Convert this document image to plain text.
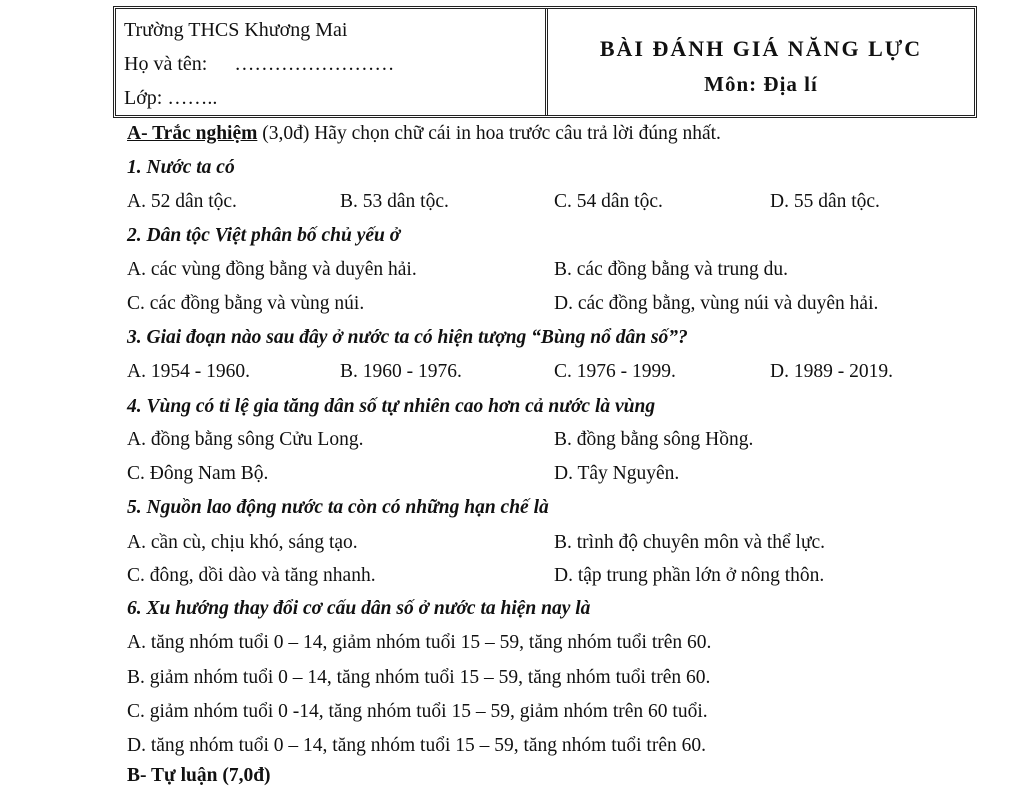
Trường THCS Khương Mai
Họ và tên: ……………………
Lớp: ……..
BÀI ĐÁNH GIÁ NĂNG LỰC
Môn: Địa lí
A- Trắc nghiệm (3,0đ) Hãy chọn chữ cái in hoa trước câu trả lời đúng nhất.
1. Nước ta có
A. 52 dân tộc.	B. 53 dân tộc.	C. 54 dân tộc.	D. 55 dân tộc.
2. Dân tộc Việt phân bố chủ yếu ở
A. các vùng đồng bằng và duyên hải.	B. các đồng bằng và trung du.
C. các đồng bằng và vùng núi.	D. các đồng bằng, vùng núi và duyên hải.
3. Giai đoạn nào sau đây ở nước ta có hiện tượng “Bùng nổ dân số”?
A. 1954 - 1960.	B. 1960 - 1976.	C. 1976 - 1999.	D. 1989 - 2019.
4. Vùng có tỉ lệ gia tăng dân số tự nhiên cao hơn cả nước là vùng
A. đồng bằng sông Cửu Long.	B. đồng bằng sông Hồng.
C. Đông Nam Bộ.	D. Tây Nguyên.
5. Nguồn lao động nước ta còn có những hạn chế là
A. cần cù, chịu khó, sáng tạo.	B. trình độ chuyên môn và thể lực.
C. đông, dồi dào và tăng nhanh.	D. tập trung phần lớn ở nông thôn.
6. Xu hướng thay đổi cơ cấu dân số ở nước ta hiện nay là
A. tăng nhóm tuổi 0 – 14, giảm nhóm tuổi 15 – 59, tăng nhóm tuổi trên 60.
B. giảm nhóm tuổi 0 – 14, tăng nhóm tuổi 15 – 59, tăng nhóm tuổi trên 60.
C. giảm nhóm tuổi 0 -14, tăng nhóm tuổi 15 – 59, giảm nhóm trên 60 tuổi.
D. tăng nhóm tuổi 0 – 14, tăng nhóm tuổi 15 – 59, tăng nhóm tuổi trên 60.
B- Tự luận (7,0đ)
